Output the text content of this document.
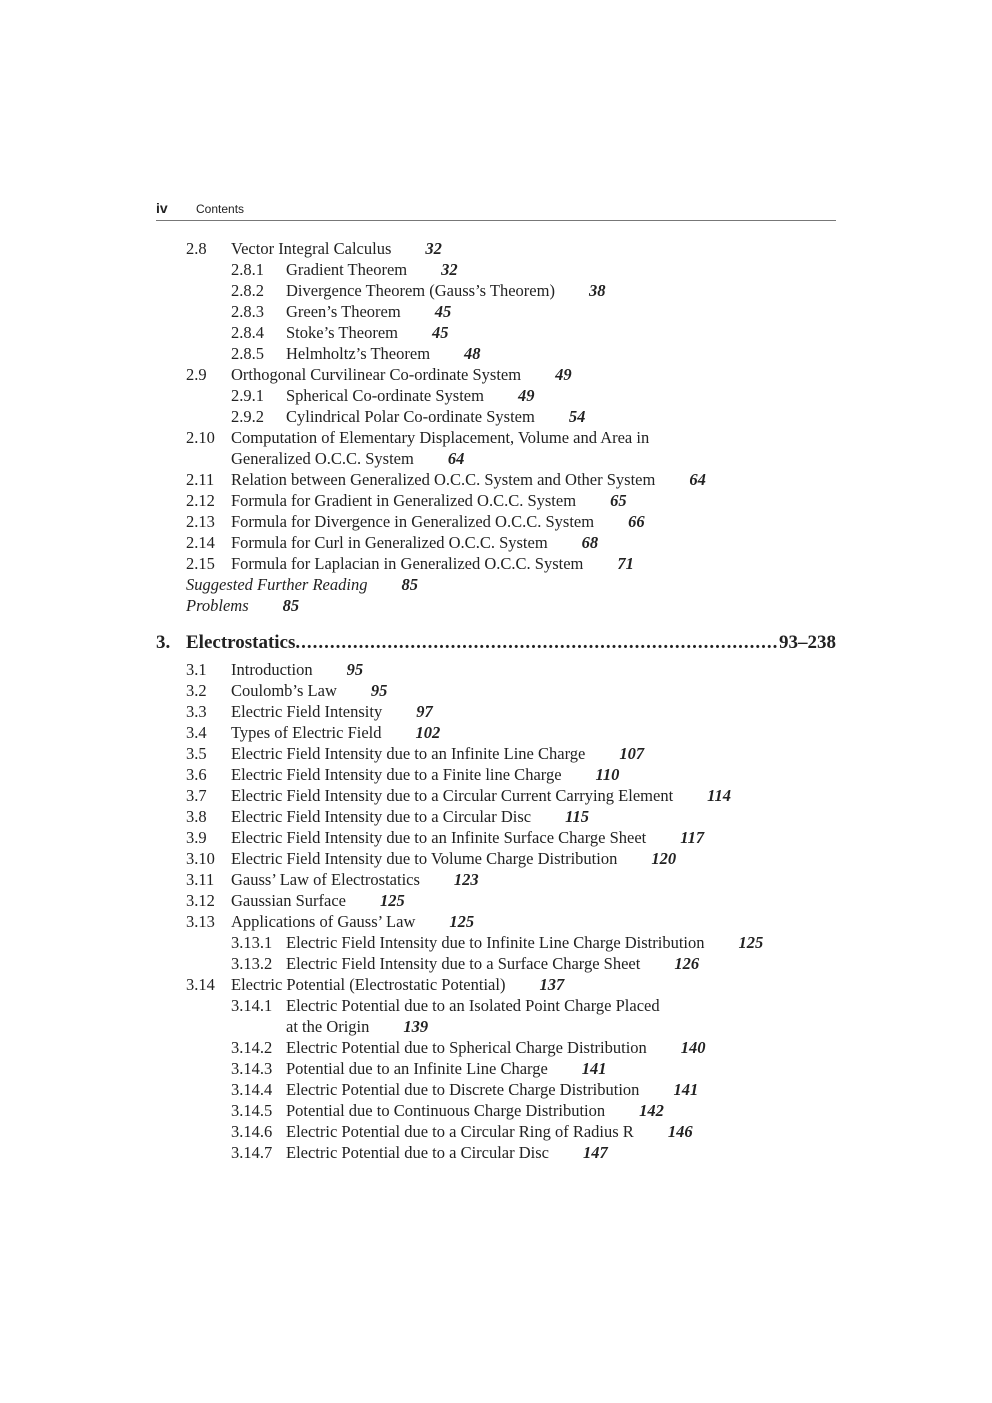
iv Contents
2.8 Vector Integral Calculus 32
2.8.1 Gradient Theorem 32
2.8.2 Divergence Theorem (Gauss’s Theorem) 38
2.8.3 Green’s Theorem 45
2.8.4 Stoke’s Theorem 45
2.8.5 Helmholtz’s Theorem 48
2.9 Orthogonal Curvilinear Co-ordinate System 49
2.9.1 Spherical Co-ordinate System 49
2.9.2 Cylindrical Polar Co-ordinate System 54
2.10 Computation of Elementary Displacement, Volume and Area in
Generalized O.C.C. System 64
2.11 Relation between Generalized O.C.C. System and Other System 64
2.12 Formula for Gradient in Generalized O.C.C. System 65
2.13 Formula for Divergence in Generalized O.C.C. System 66
2.14 Formula for Curl in Generalized O.C.C. System 68
2.15 Formula for Laplacian in Generalized O.C.C. System 71
Suggested Further Reading 85
Problems 85
3. Electrostatics .....	93–238
3.1 Introduction 95
3.2 Coulomb’s Law 95
3.3 Electric Field Intensity 97
3.4 Types of Electric Field 102
3.5 Electric Field Intensity due to an Infinite Line Charge 107
3.6 Electric Field Intensity due to a Finite line Charge 110
3.7 Electric Field Intensity due to a Circular Current Carrying Element 114
3.8 Electric Field Intensity due to a Circular Disc 115
3.9 Electric Field Intensity due to an Infinite Surface Charge Sheet 117
3.10 Electric Field Intensity due to Volume Charge Distribution 120
3.11 Gauss’ Law of Electrostatics 123
3.12 Gaussian Surface 125
3.13 Applications of Gauss’ Law 125
3.13.1 Electric Field Intensity due to Infinite Line Charge Distribution 125
3.13.2 Electric Field Intensity due to a Surface Charge Sheet 126
3.14 Electric Potential (Electrostatic Potential) 137
3.14.1 Electric Potential due to an Isolated Point Charge Placed
at the Origin 139
3.14.2 Electric Potential due to Spherical Charge Distribution 140
3.14.3 Potential due to an Infinite Line Charge 141
3.14.4 Electric Potential due to Discrete Charge Distribution 141
3.14.5 Potential due to Continuous Charge Distribution 142
3.14.6 Electric Potential due to a Circular Ring of Radius R 146
3.14.7 Electric Potential due to a Circular Disc 147
